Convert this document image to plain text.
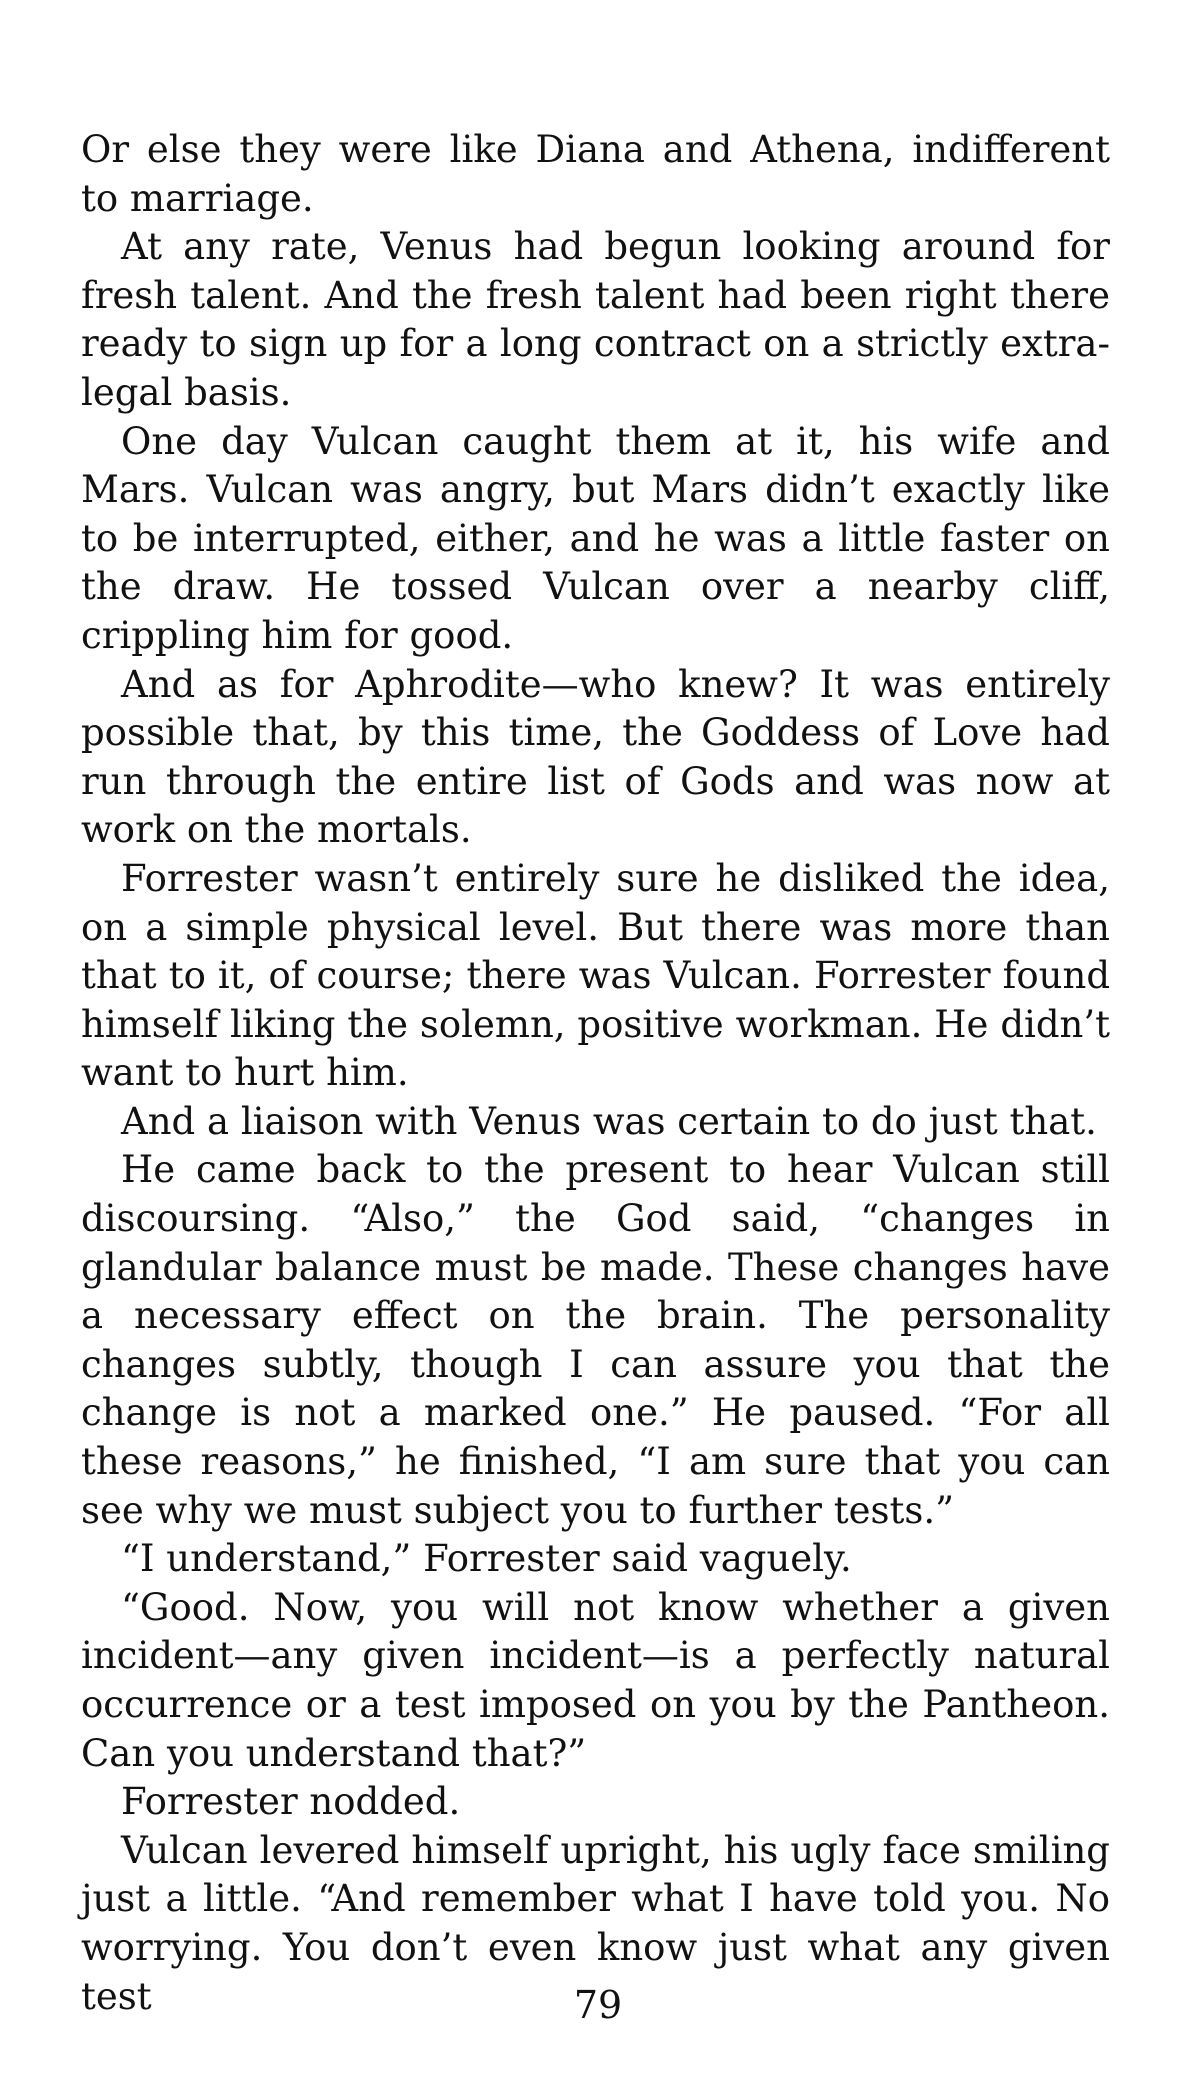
Or else they were like Diana and Athena, indifferent to marriage.

At any rate, Venus had begun looking around for fresh talent. And the fresh talent had been right there ready to sign up for a long contract on a strictly extra-legal basis.

One day Vulcan caught them at it, his wife and Mars. Vulcan was angry, but Mars didn’t exactly like to be interrupted, either, and he was a little faster on the draw. He tossed Vulcan over a nearby cliff, crippling him for good.

And as for Aphrodite—who knew? It was entirely possible that, by this time, the Goddess of Love had run through the entire list of Gods and was now at work on the mortals.

Forrester wasn’t entirely sure he disliked the idea, on a simple physical level. But there was more than that to it, of course; there was Vulcan. Forrester found himself liking the solemn, positive workman. He didn’t want to hurt him.

And a liaison with Venus was certain to do just that.

He came back to the present to hear Vulcan still discoursing. “Also,” the God said, “changes in glandular balance must be made. These changes have a necessary effect on the brain. The personality changes subtly, though I can assure you that the change is not a marked one.” He paused. “For all these reasons,” he finished, “I am sure that you can see why we must subject you to further tests.”

“I understand,” Forrester said vaguely.

“Good. Now, you will not know whether a given incident—any given incident—is a perfectly natural occurrence or a test imposed on you by the Pantheon. Can you understand that?”

Forrester nodded.

Vulcan levered himself upright, his ugly face smiling just a little. “And remember what I have told you. No worrying. You don’t even know just what any given test	79
